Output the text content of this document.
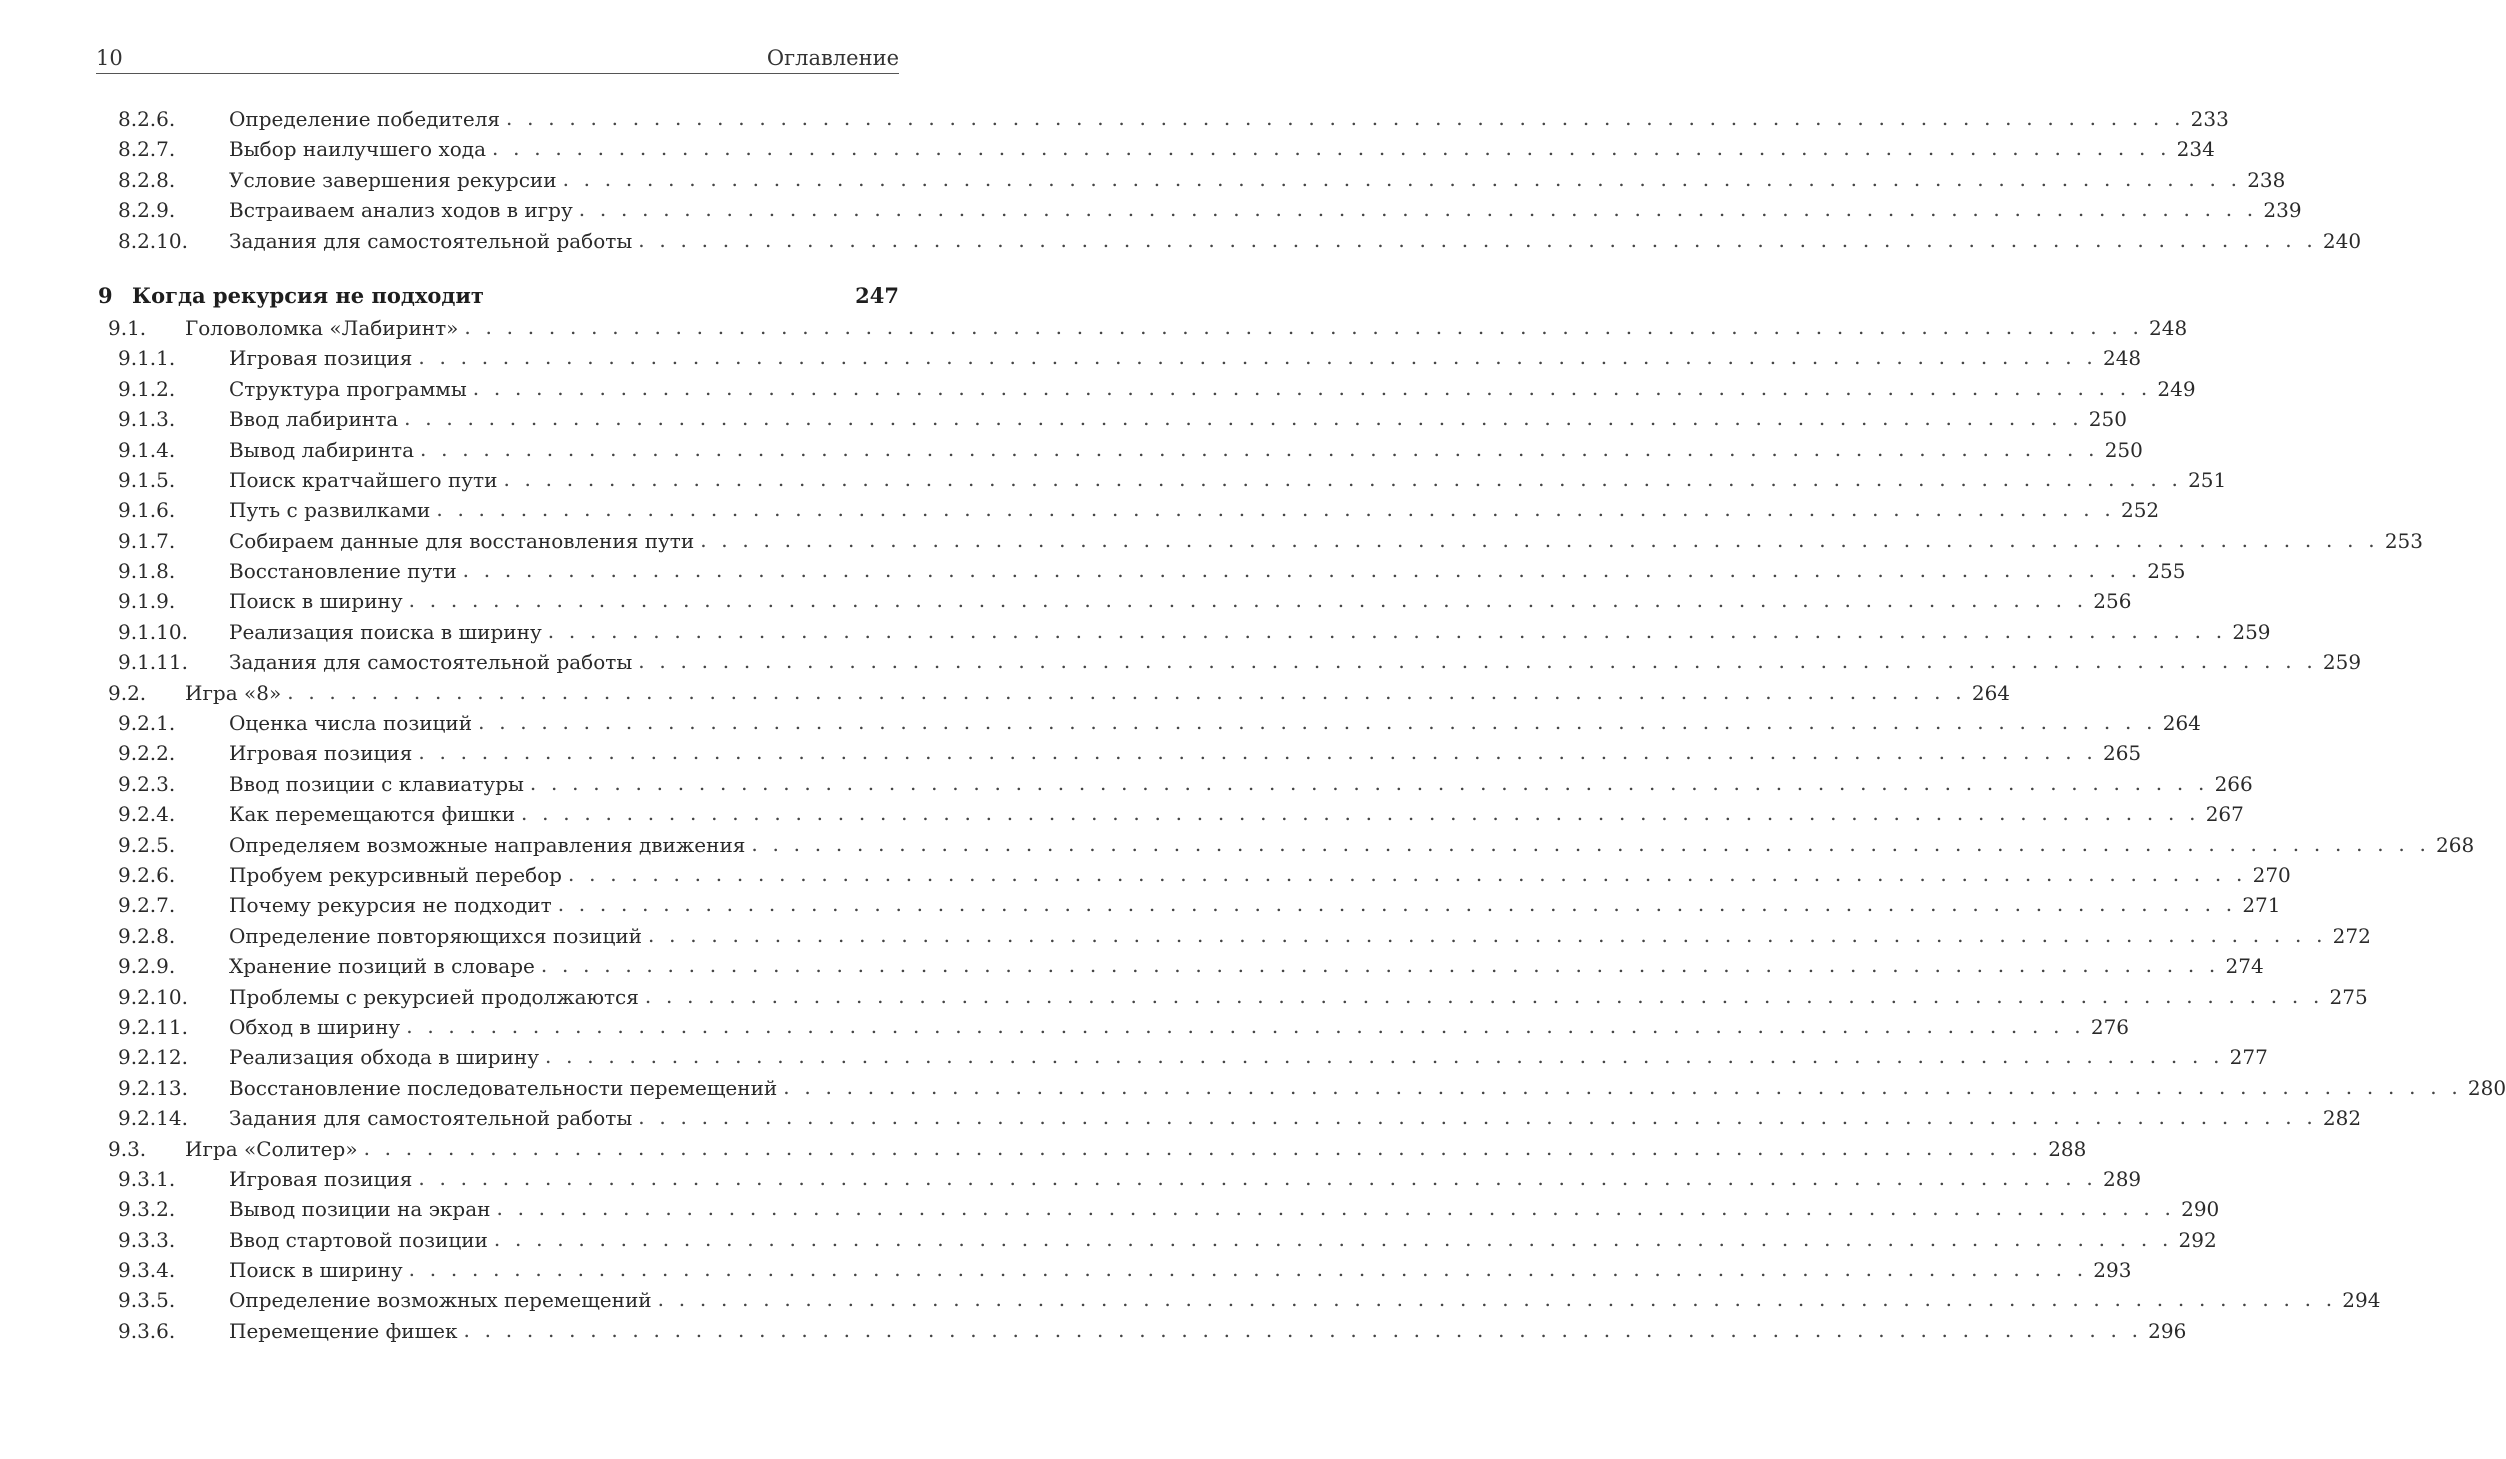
10	Оглавление
8.2.6.	Определение победителя . . .	233
8.2.7.	Выбор наилучшего хода . . .	234
8.2.8.	Условие завершения рекурсии . . .	238
8.2.9.	Встраиваем анализ ходов в игру . . .	239
8.2.10.	Задания для самостоятельной работы . . .	240
9 Когда рекурсия не подходит	247
9.1.	Головоломка «Лабиринт» . . .	248
9.1.1.	Игровая позиция . . .	248
9.1.2.	Структура программы . . .	249
9.1.3.	Ввод лабиринта . . .	250
9.1.4.	Вывод лабиринта . . .	250
9.1.5.	Поиск кратчайшего пути . . .	251
9.1.6.	Путь с развилками . . .	252
9.1.7.	Собираем данные для восстановления пути . . .	253
9.1.8.	Восстановление пути . . .	255
9.1.9.	Поиск в ширину . . .	256
9.1.10.	Реализация поиска в ширину . . .	259
9.1.11.	Задания для самостоятельной работы . . .	259
9.2.	Игра «8» . . .	264
9.2.1.	Оценка числа позиций . . .	264
9.2.2.	Игровая позиция . . .	265
9.2.3.	Ввод позиции с клавиатуры . . .	266
9.2.4.	Как перемещаются фишки . . .	267
9.2.5.	Определяем возможные направления движения . . .	268
9.2.6.	Пробуем рекурсивный перебор . . .	270
9.2.7.	Почему рекурсия не подходит . . .	271
9.2.8.	Определение повторяющихся позиций . . .	272
9.2.9.	Хранение позиций в словаре . . .	274
9.2.10.	Проблемы с рекурсией продолжаются . . .	275
9.2.11.	Обход в ширину . . .	276
9.2.12.	Реализация обхода в ширину . . .	277
9.2.13.	Восстановление последовательности перемещений . . .	280
9.2.14.	Задания для самостоятельной работы . . .	282
9.3.	Игра «Солитер» . . .	288
9.3.1.	Игровая позиция . . .	289
9.3.2.	Вывод позиции на экран . . .	290
9.3.3.	Ввод стартовой позиции . . .	292
9.3.4.	Поиск в ширину . . .	293
9.3.5.	Определение возможных перемещений . . .	294
9.3.6.	Перемещение фишек . . .	296
